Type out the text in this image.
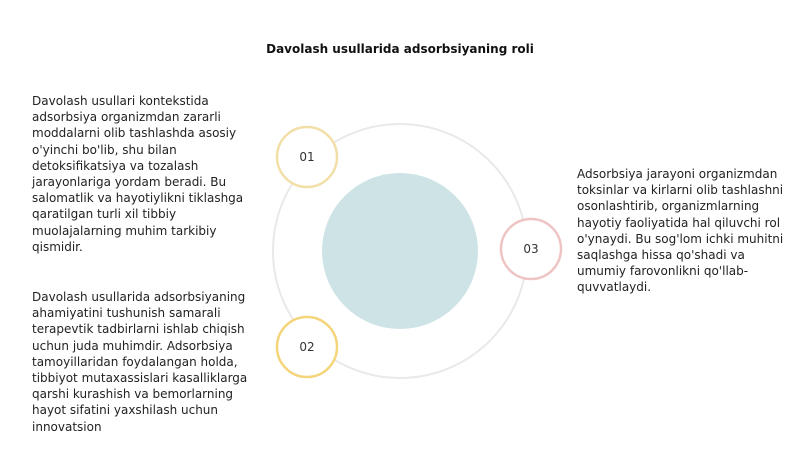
Davolash usullarida adsorbsiyaning roli
01
02
03

Davolash usullari kontekstida adsorbsiya organizmdan zararli moddalarni olib tashlashda asosiy o'yinchi bo'lib, shu bilan detoksifikatsiya va tozalash jarayonlariga yordam beradi. Bu salomatlik va hayotiylikni tiklashga qaratilgan turli xil tibbiy muolajalarning muhim tarkibiy qismidir.

Davolash usullarida adsorbsiyaning ahamiyatini tushunish samarali terapevtik tadbirlarni ishlab chiqish uchun juda muhimdir. Adsorbsiya tamoyillaridan foydalangan holda, tibbiyot mutaxassislari kasalliklarga qarshi kurashish va bemorlarning hayot sifatini yaxshilash uchun innovatsion

Adsorbsiya jarayoni organizmdan toksinlar va kirlarni olib tashlashni osonlashtirib, organizmlarning hayotiy faoliyatida hal qiluvchi rol o'ynaydi. Bu sog'lom ichki muhitni saqlashga hissa qo'shadi va umumiy farovonlikni qo'llab-quvvatlaydi.
